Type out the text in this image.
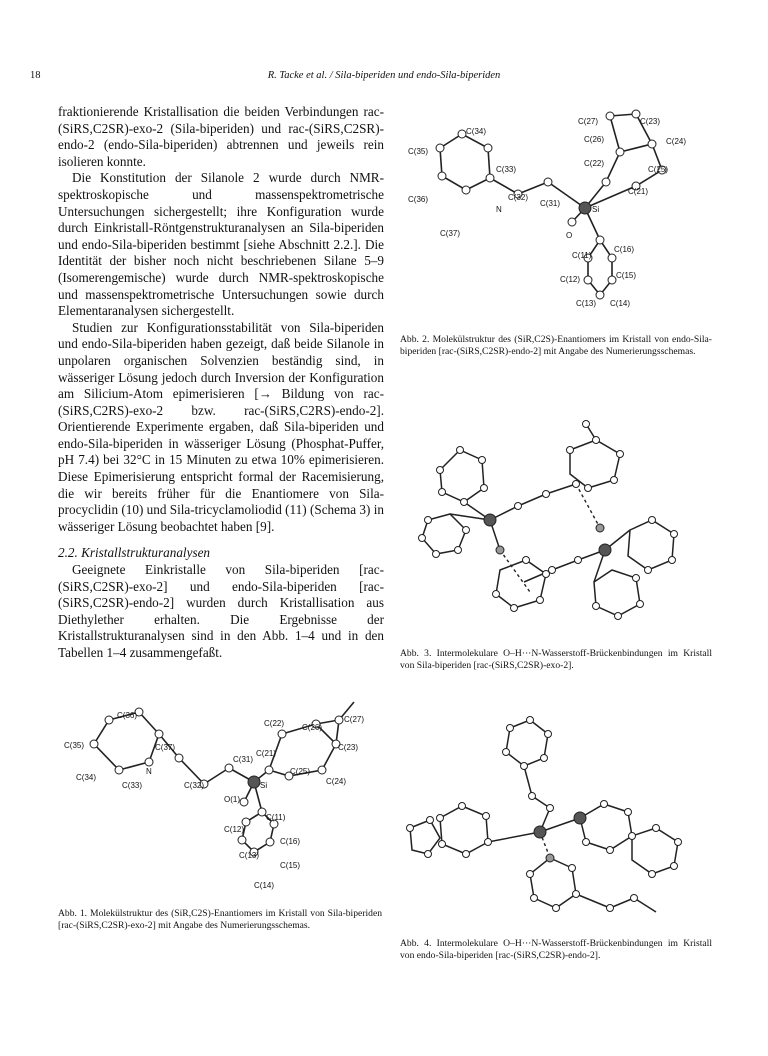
18	R. Tacke et al. / Sila-biperiden und endo-Sila-biperiden

fraktionierende Kristallisation die beiden Verbindungen rac-(SiRS,C2SR)-exo-2 (Sila-biperiden) und rac-(SiRS,C2SR)-endo-2 (endo-Sila-biperiden) abtrennen und jeweils rein isolieren konnte.

Die Konstitution der Silanole 2 wurde durch NMR-spektroskopische und massenspektrometrische Untersuchungen sichergestellt; ihre Konfiguration wurde durch Einkristall-Röntgenstrukturanalysen an Sila-biperiden und endo-Sila-biperiden bestimmt [siehe Abschnitt 2.2.]. Die Identität der bisher noch nicht beschriebenen Silane 5–9 (Isomerengemische) wurde durch NMR-spektroskopische und massenspektrometrische Untersuchungen sowie durch Elementaranalysen sichergestellt.

Studien zur Konfigurationsstabilität von Sila-biperiden und endo-Sila-biperiden haben gezeigt, daß beide Silanole in unpolaren organischen Solvenzien beständig sind, in wässeriger Lösung jedoch durch Inversion der Konfiguration am Silicium-Atom epimerisieren [→ Bildung von rac-(SiRS,C2RS)-exo-2 bzw. rac-(SiRS,C2RS)-endo-2]. Orientierende Experimente ergaben, daß Sila-biperiden und endo-Sila-biperiden in wässeriger Lösung (Phosphat-Puffer, pH 7.4) bei 32°C in 15 Minuten zu etwa 10% epimerisieren. Diese Epimerisierung entspricht formal der Racemisierung, die wir bereits früher für die Enantiomere von Sila-procyclidin (10) und Sila-tricyclamoliodid (11) (Schema 3) in wässeriger Lösung beobachtet haben [9].

2.2. Kristallstrukturanalysen

Geeignete Einkristalle von Sila-biperiden [rac-(SiRS,C2SR)-exo-2] und endo-Sila-biperiden [rac-(SiRS,C2SR)-endo-2] wurden durch Kristallisation aus Diethylether erhalten. Die Ergebnisse der Kristallstrukturanalysen sind in den Abb. 1–4 und in den Tabellen 1–4 zusammengefaßt.

C(36)
C(35)	C(37)
N
C(34)
C(33)	C(32)
C(31)
O(1)
Si
C(21)
C(22) C(26)
C(27)
C(23)
C(25)
C(24)
C(11)
C(12)
C(16)
C(13)
C(15)
C(14)
Abb. 1. Molekülstruktur des (SiR,C2S)-Enantiomers im Kristall von Sila-biperiden [rac-(SiRS,C2SR)-exo-2] mit Angabe des Numerierungsschemas.
C(34)
C(35)
C(33)
C(36)	C(32)
N
C(31)
C(37)	O
Si
C(27)	C(23)
C(26)	C(24)
C(22)
C(25)
C(21)
C(11)
C(16)
C(12)	C(15)
C(13) C(14)
Abb. 2. Molekülstruktur des (SiR,C2S)-Enantiomers im Kristall von endo-Sila-biperiden [rac-(SiRS,C2SR)-endo-2] mit Angabe des Numerierungsschemas.
Abb. 3. Intermolekulare O–H···N-Wasserstoff-Brückenbindungen im Kristall von Sila-biperiden [rac-(SiRS,C2SR)-exo-2].
Abb. 4. Intermolekulare O–H···N-Wasserstoff-Brückenbindungen im Kristall von endo-Sila-biperiden [rac-(SiRS,C2SR)-endo-2].
